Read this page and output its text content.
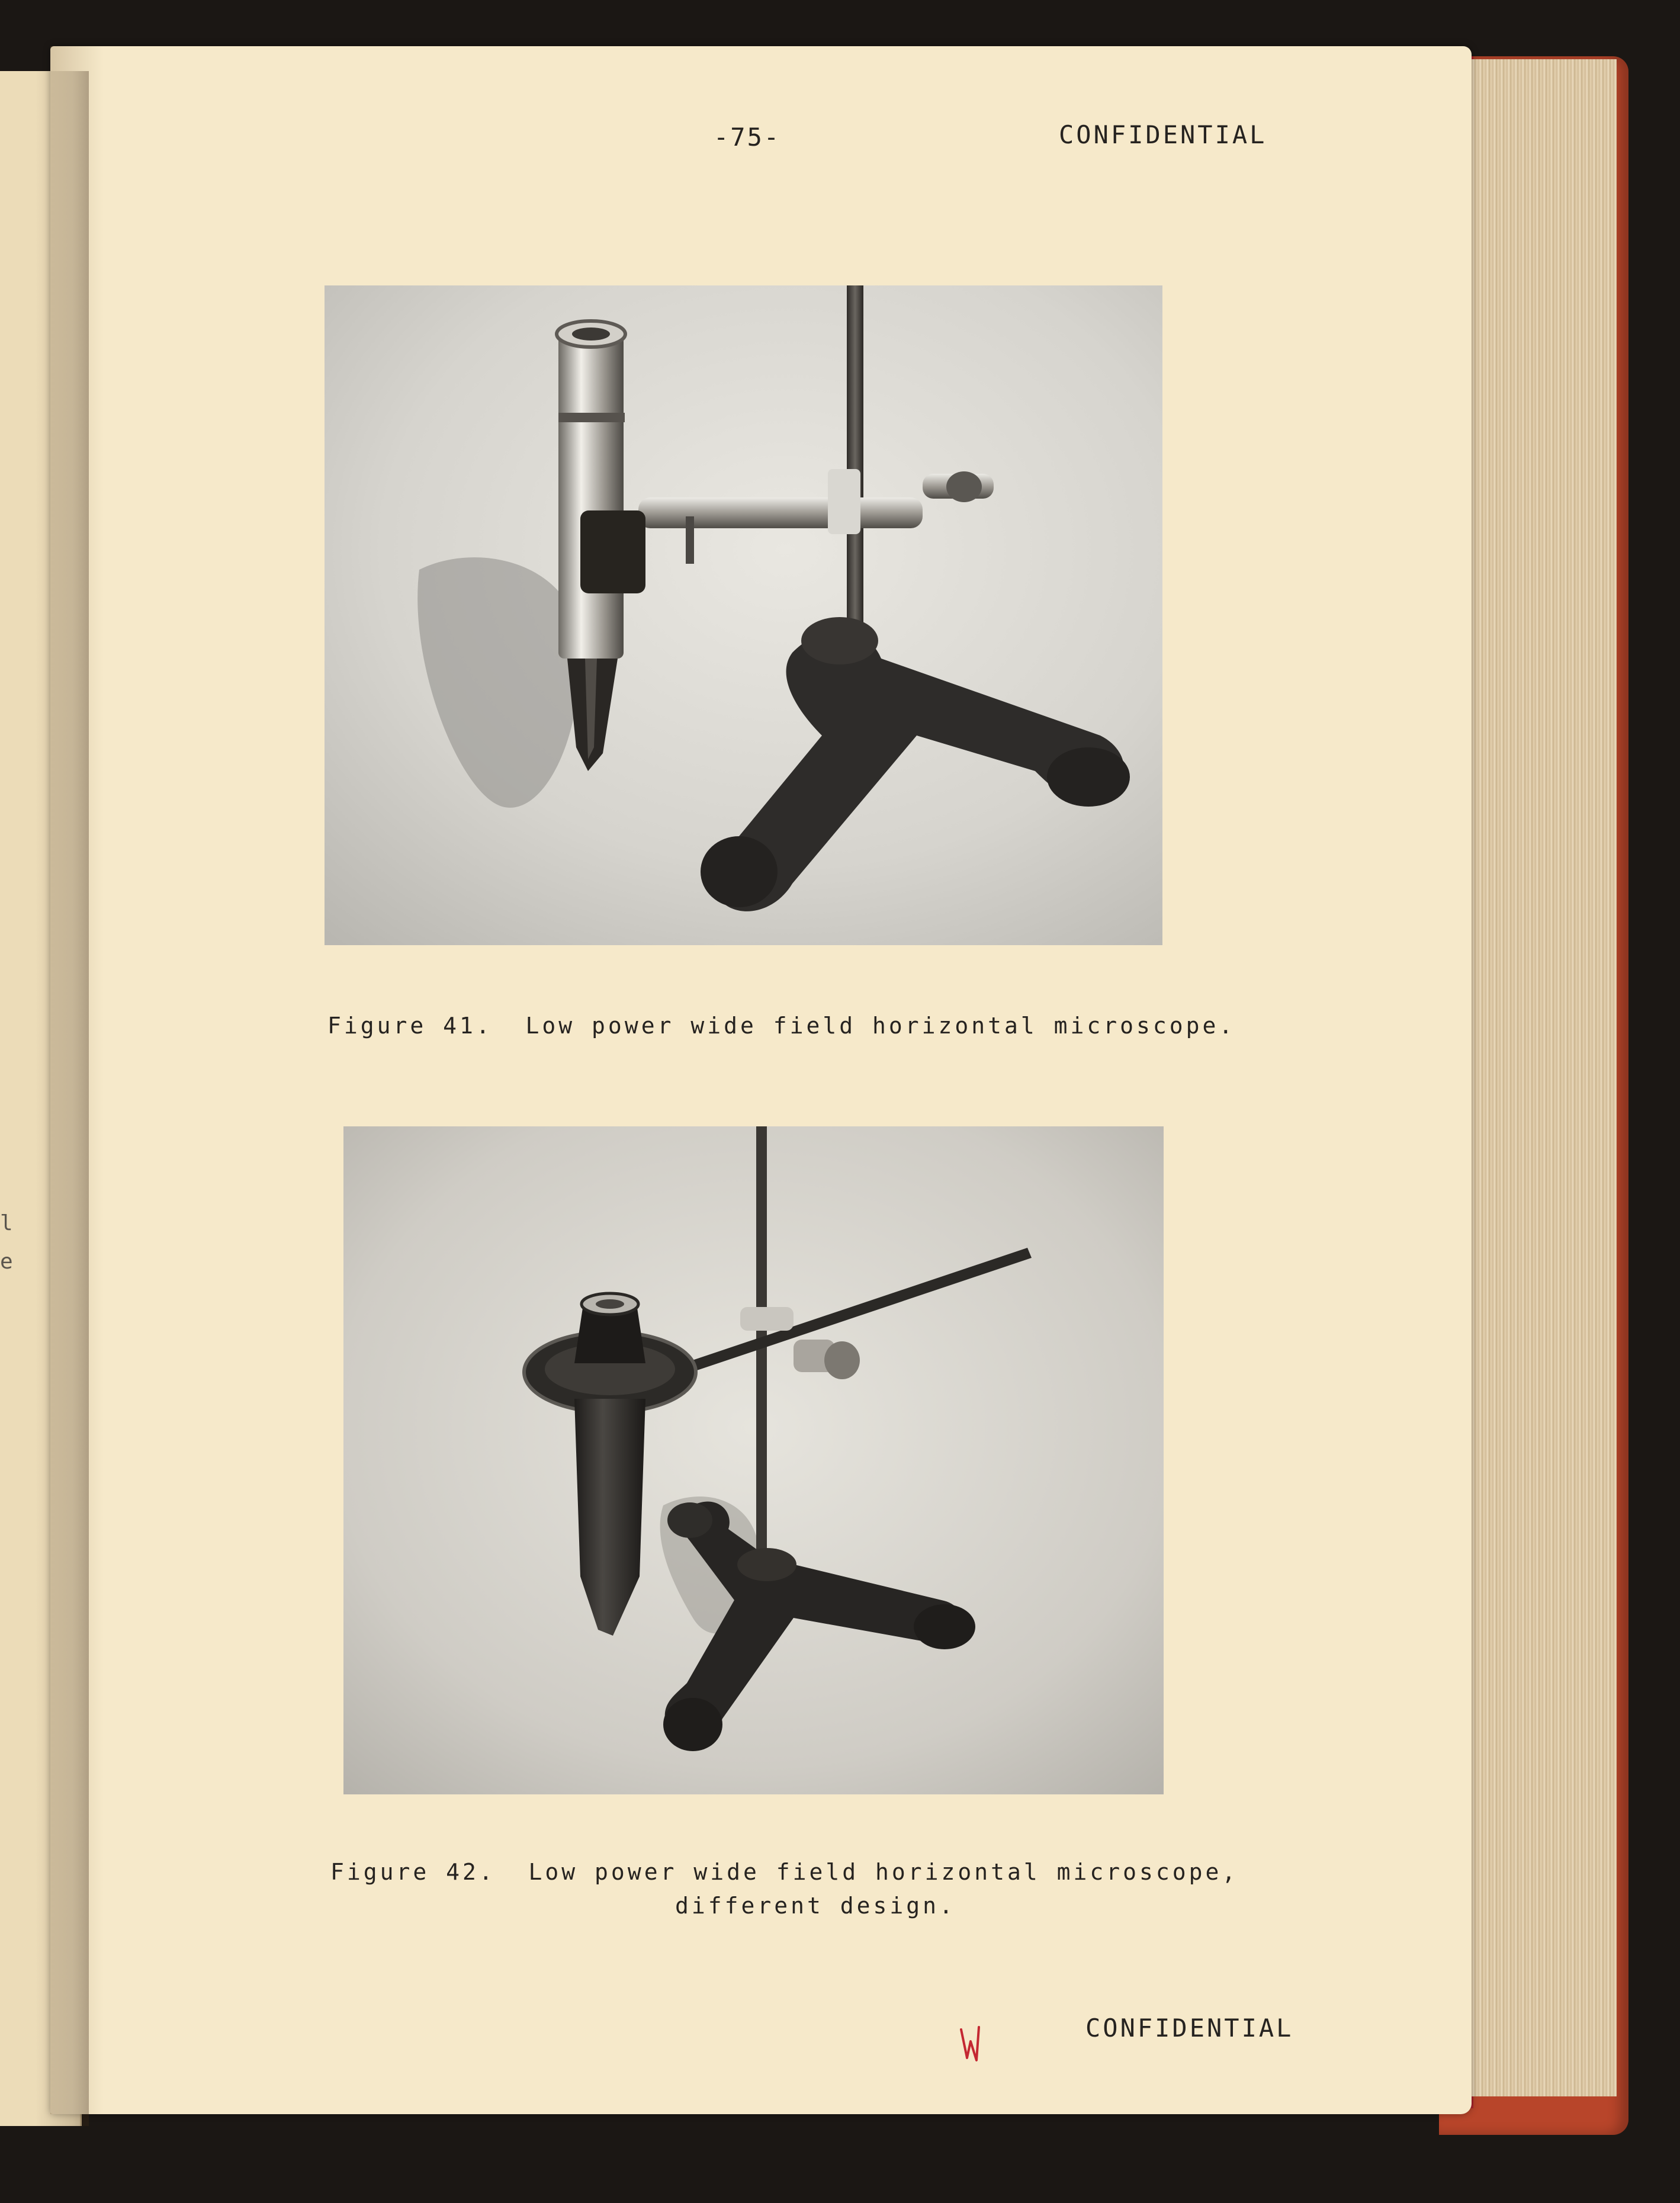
l
e
-75-	CONFIDENTIAL
Figure 41. Low power wide field horizontal microscope.
Figure 42. Low power wide field horizontal microscope,
different design.
CONFIDENTIAL
